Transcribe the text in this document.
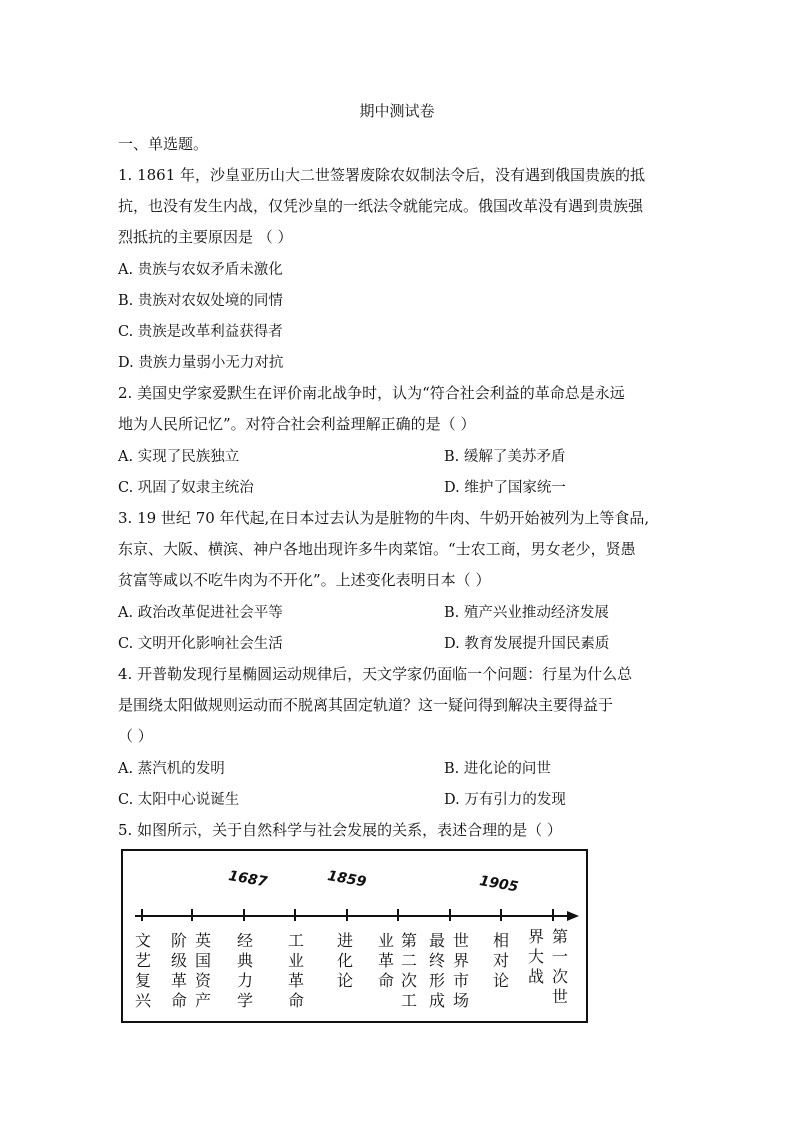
期中测试卷
一、单选题。
1. 1861 年，沙皇亚历山大二世签署废除农奴制法令后，没有遇到俄国贵族的抵
抗，也没有发生内战，仅凭沙皇的一纸法令就能完成。俄国改革没有遇到贵族强
烈抵抗的主要原因是 （ ）
A. 贵族与农奴矛盾未激化
B. 贵族对农奴处境的同情
C. 贵族是改革利益获得者
D. 贵族力量弱小无力对抗
2. 美国史学家爱默生在评价南北战争时，认为“符合社会利益的革命总是永远
地为人民所记忆”。对符合社会利益理解正确的是（ ）
A. 实现了民族独立	B. 缓解了美苏矛盾
C. 巩固了奴隶主统治	D. 维护了国家统一
3. 19 世纪 70 年代起,在日本过去认为是脏物的牛肉、牛奶开始被列为上等食品,
东京、大阪、横滨、神户各地出现许多牛肉菜馆。“士农工商，男女老少，贤愚
贫富等咸以不吃牛肉为不开化”。上述变化表明日本（ ）
A. 政治改革促进社会平等	B. 殖产兴业推动经济发展
C. 文明开化影响社会生活	D. 教育发展提升国民素质
4. 开普勒发现行星椭圆运动规律后，天文学家仍面临一个问题：行星为什么总
是围绕太阳做规则运动而不脱离其固定轨道？这一疑问得到解决主要得益于
（ ）
A. 蒸汽机的发明	B. 进化论的问世
C. 太阳中心说诞生	D. 万有引力的发现
5. 如图所示，关于自然科学与社会发展的关系，表述合理的是（ ）
1687	1859	1905
文艺复兴
阶级革命
英国资产
经典力学
工业革命
进化论
业革命
第二次工
最终形成
世界市场
相对论
界大战
第一次世
